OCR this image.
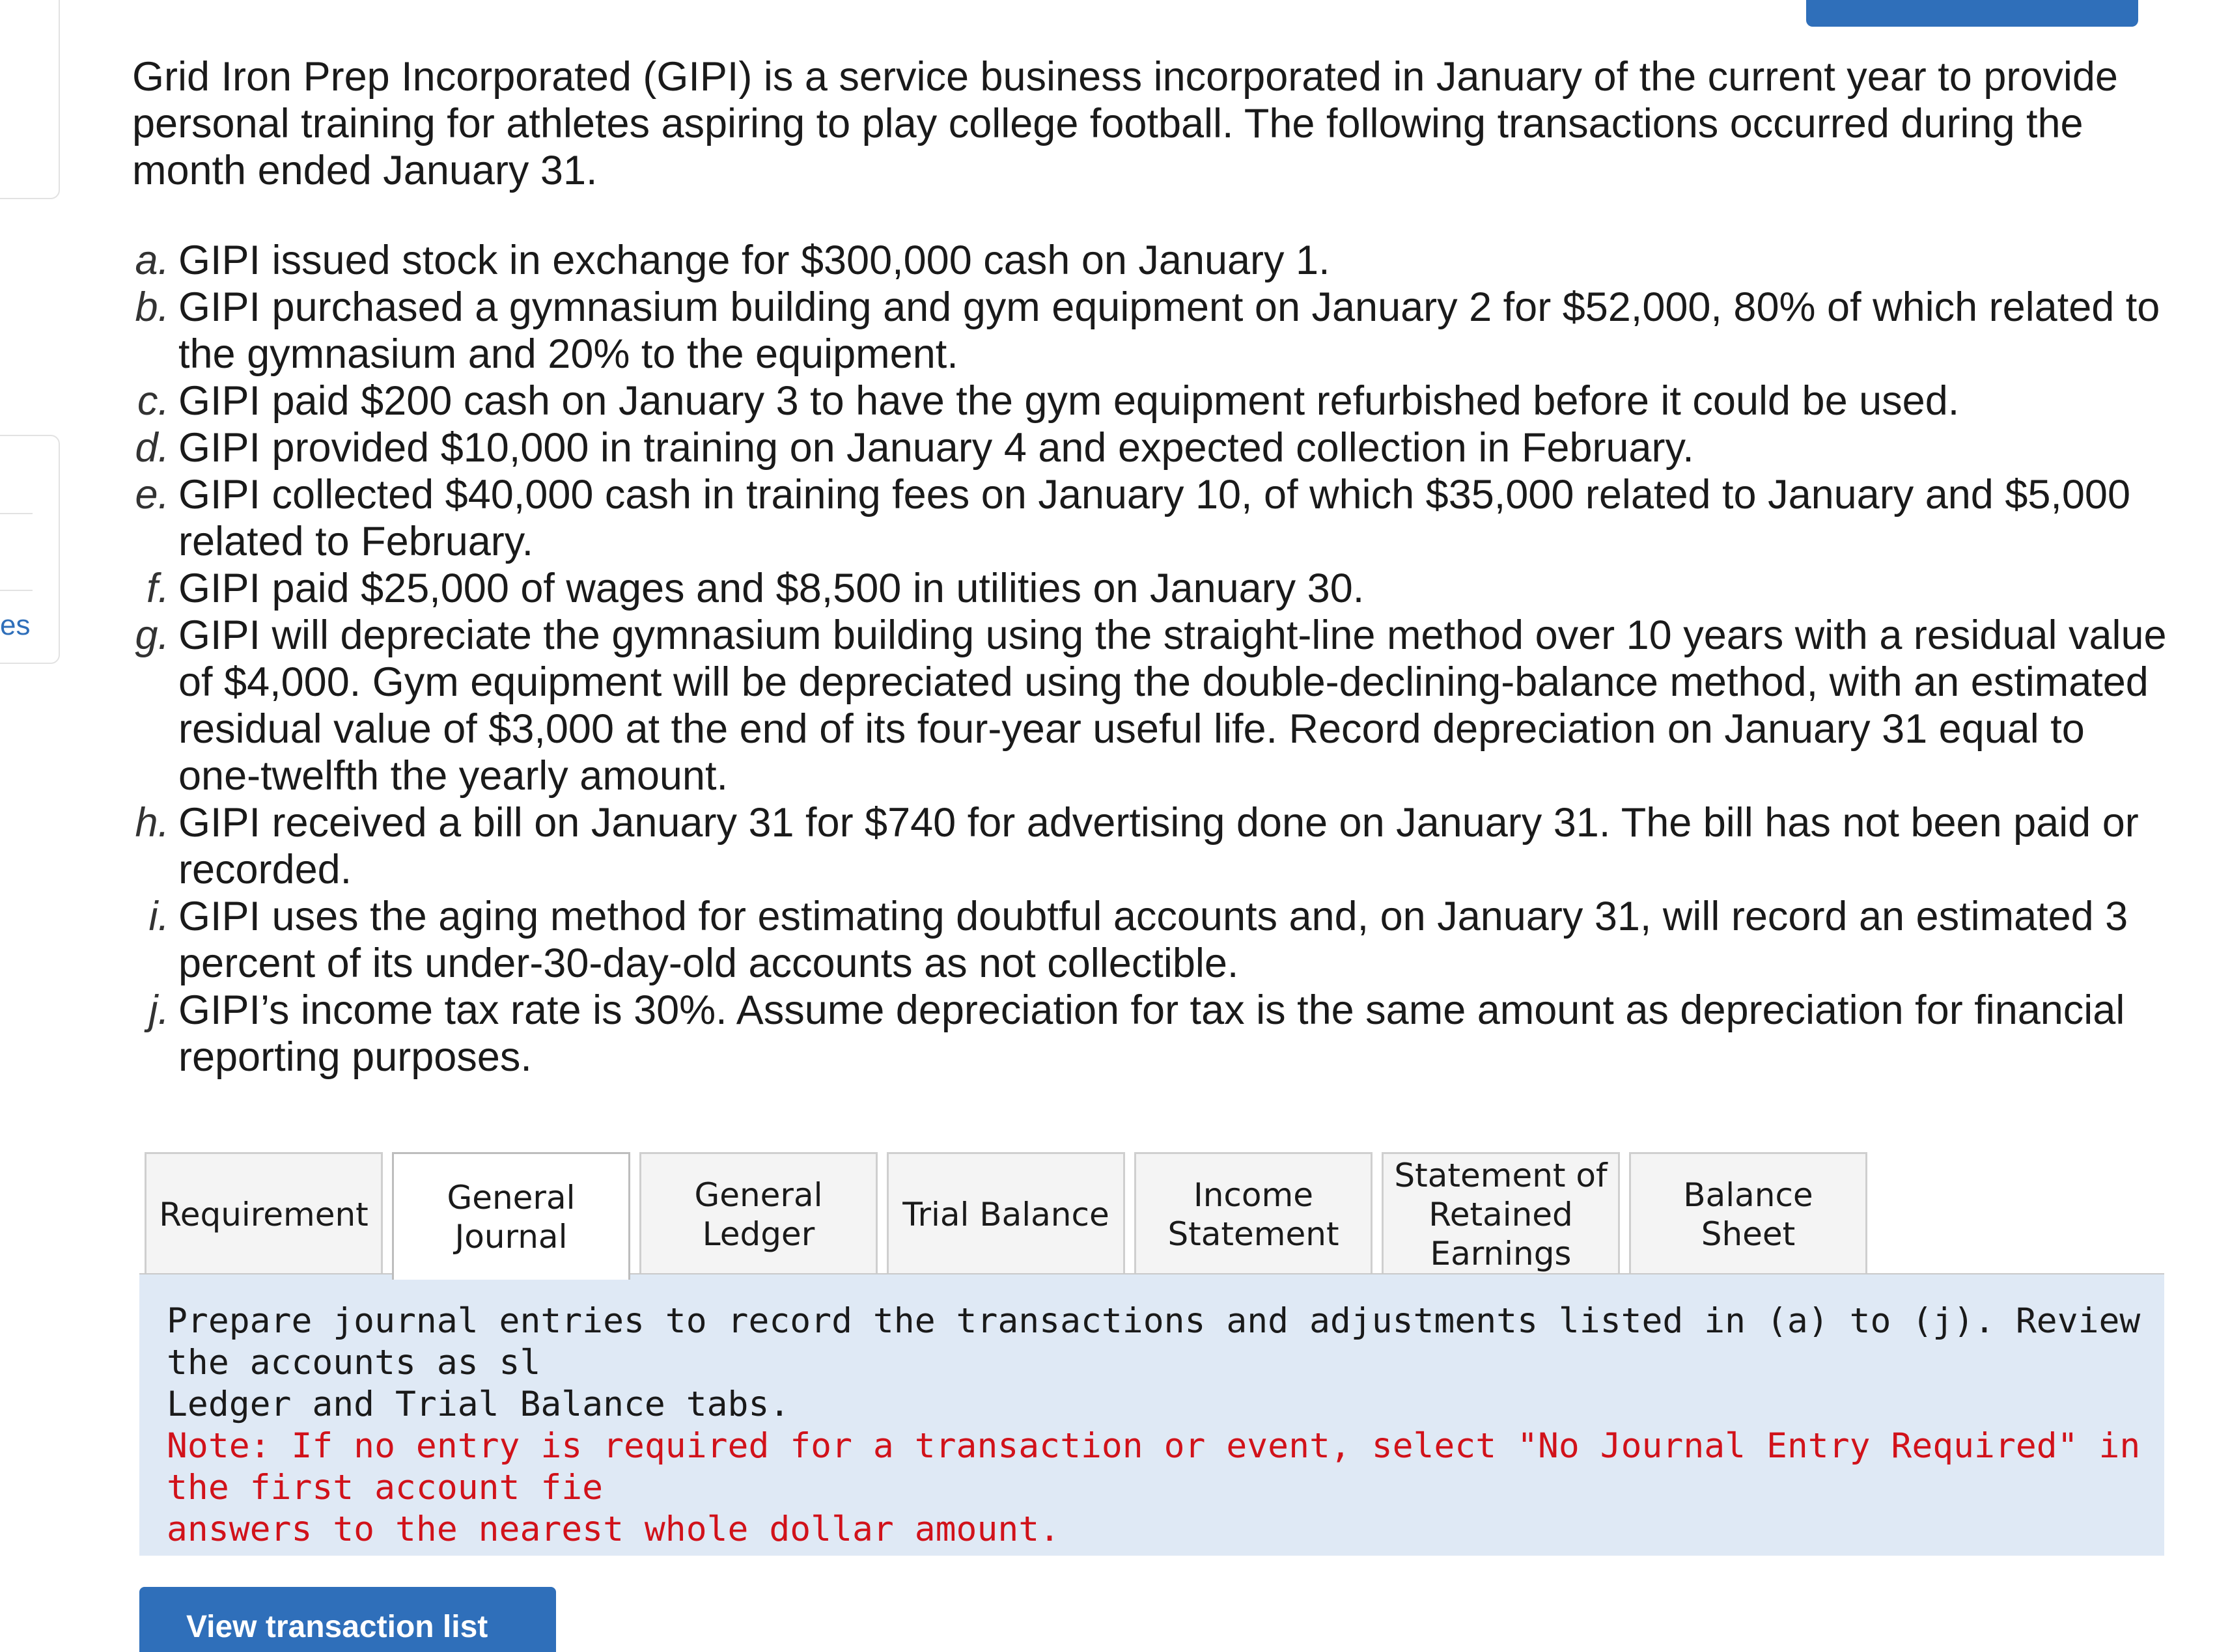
es

Grid Iron Prep Incorporated (GIPI) is a service business incorporated in January of the current year to provide personal training for athletes aspiring to play college football. The following transactions occurred during the month ended January 31.

a. GIPI issued stock in exchange for $300,000 cash on January 1.
b. GIPI purchased a gymnasium building and gym equipment on January 2 for $52,000, 80% of which related to the gymnasium and 20% to the equipment.
c. GIPI paid $200 cash on January 3 to have the gym equipment refurbished before it could be used.
d. GIPI provided $10,000 in training on January 4 and expected collection in February.
e. GIPI collected $40,000 cash in training fees on January 10, of which $35,000 related to January and $5,000 related to February.
f. GIPI paid $25,000 of wages and $8,500 in utilities on January 30.
g. GIPI will depreciate the gymnasium building using the straight-line method over 10 years with a residual value of $4,000. Gym equipment will be depreciated using the double-declining-balance method, with an estimated residual value of $3,000 at the end of its four-year useful life. Record depreciation on January 31 equal to one-twelfth the yearly amount.
h. GIPI received a bill on January 31 for $740 for advertising done on January 31. The bill has not been paid or recorded.
i. GIPI uses the aging method for estimating doubtful accounts and, on January 31, will record an estimated 3 percent of its under-30-day-old accounts as not collectible.
j. GIPI’s income tax rate is 30%. Assume depreciation for tax is the same amount as depreciation for financial reporting purposes.
Requirement	General Journal
General Ledger
Trial Balance
Income Statement
Statement of Retained Earnings
Balance Sheet

Prepare journal entries to record the transactions and adjustments listed in (a) to (j). Review the accounts as sl

Ledger and Trial Balance tabs.

Note: If no entry is required for a transaction or event, select "No Journal Entry Required" in the first account fie

answers to the nearest whole dollar amount.

View transaction list
